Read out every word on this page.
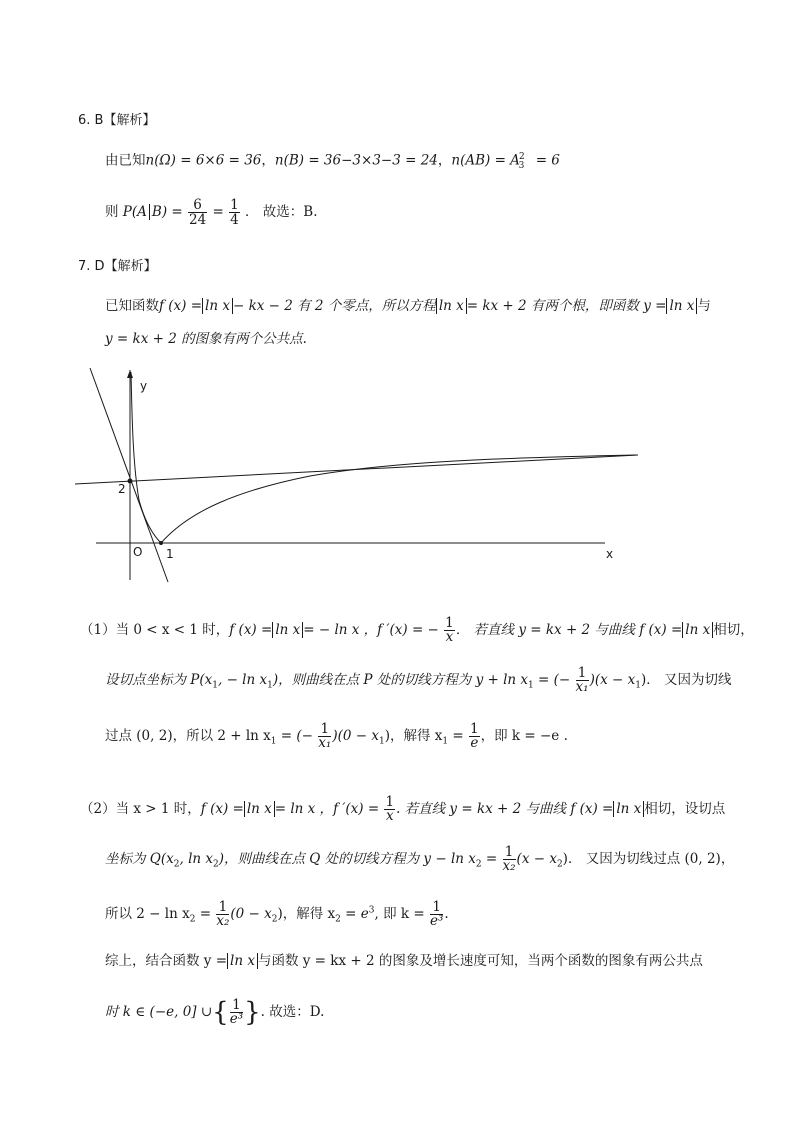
6. B【解析】
由已知n(Ω) = 6×6 = 36，n(B) = 36−3×3−3 = 24，$n(AB) = A^2_3 = 6$
则 P(A $B) = \frac{6}{24} = \frac{1}{4}$ ． 故选：B.
7. D【解析】
已知函数f (x) = ln x − kx − 2 有 2 个零点，所以方程 ln x = kx + 2 有两个根，即函数 y = ln x 与
y = kx + 2 的图象有两个公共点.
y
x
O
2
1
（1）当 0 < x < 1 时，f (x) = ln x = − ln x ，f ′(x) = − $\frac{1}{x}$． 若直线 y = kx + 2 与曲线 f (x) = ln x 相切，
设切点坐标为 $P(x_1$, − $\ln x_1$)，则曲线在点 P 处的切线方程为 $y + \ln x_1$ = (− $\frac{1}{\text{x₁}})(x - x_1)$． 又因为切线
过点 (0, 2)，所以 $2 + \ln x_1$ = (− $\frac{1}{\text{x₁}})(0 - x_1)$，解得 $x_1 = \frac{1}{e}$，即 k = −e .
（2）当 x > 1 时，f (x) = ln x = ln x ，f $'(x) = \frac{1}{x}$. 若直线 y = kx + 2 与曲线 f (x) = ln x 相切，设切点
坐标为 $Q(x_2$, $\ln x_2$)，则曲线在点 Q 处的切线方程为 $y - \ln x_2 = \frac{1}{\text{x₂}}(x - x_2)$． 又因为切线过点 (0, 2)，
所以 $2 - \ln x_2 = \frac{1}{\text{x₂}}(0 - x_2)$，解得 $x_2 = e^3$, 即 $k = \frac{1}{\text{e³}}$.
综上，结合函数 y = ln x 与函数 y = kx + 2 的图象及增长速度可知，当两个函数的图象有两公共点
时 k ∈ (−e, 0] ∪{ $\frac{1}{\text{e³}}$}. 故选：D.
